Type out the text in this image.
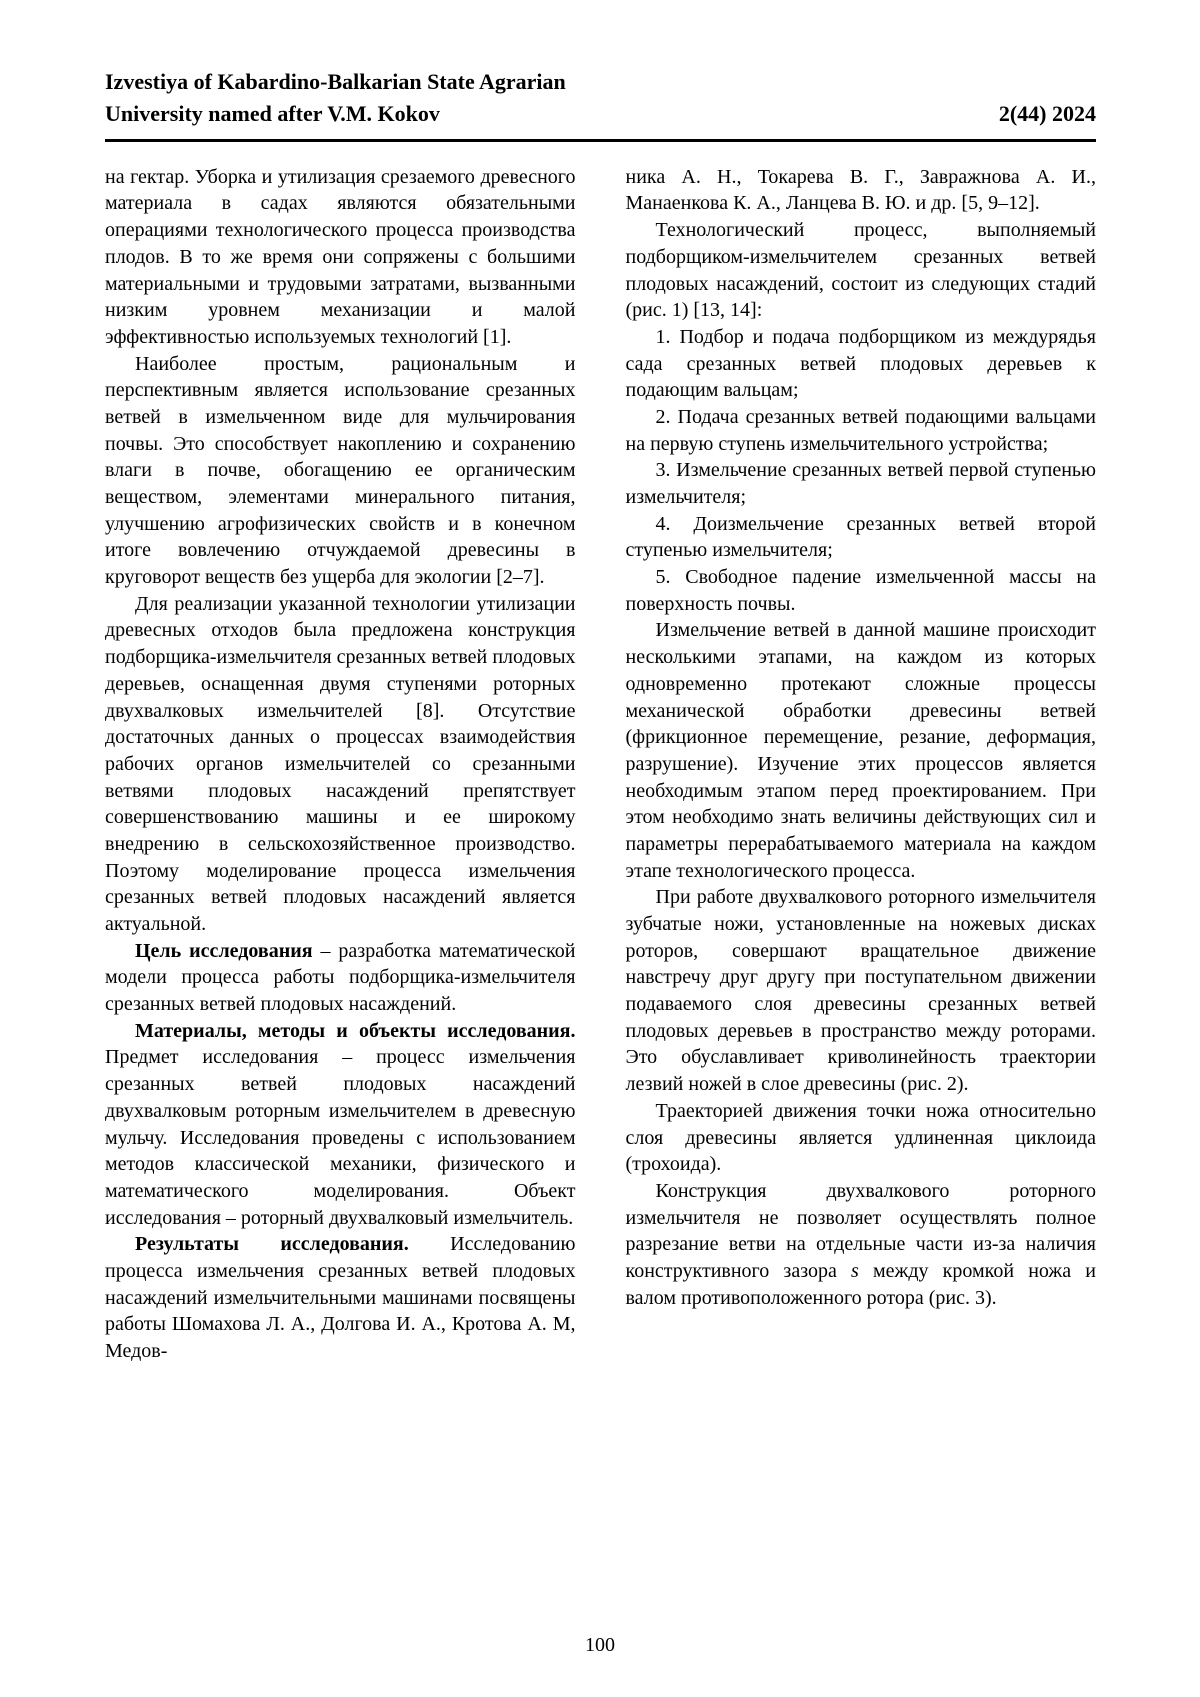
Izvestiya of Kabardino-Balkarian State Agrarian
University named after V.M. Kokov	2(44) 2024

на гектар. Уборка и утилизация срезаемого древесного материала в садах являются обязательными операциями технологического процесса производства плодов. В то же время они сопряжены с большими материальными и трудовыми затратами, вызванными низким уровнем механизации и малой эффективностью используемых технологий [1].

Наиболее простым, рациональным и перспективным является использование срезанных ветвей в измельченном виде для мульчирования почвы. Это способствует накоплению и сохранению влаги в почве, обогащению ее органическим веществом, элементами минерального питания, улучшению агрофизических свойств и в конечном итоге вовлечению отчуждаемой древесины в круговорот веществ без ущерба для экологии [2–7].

Для реализации указанной технологии утилизации древесных отходов была предложена конструкция подборщика-измельчителя срезанных ветвей плодовых деревьев, оснащенная двумя ступенями роторных двухвалковых измельчителей [8]. Отсутствие достаточных данных о процессах взаимодействия рабочих органов измельчителей со срезанными ветвями плодовых насаждений препятствует совершенствованию машины и ее широкому внедрению в сельскохозяйственное производство. Поэтому моделирование процесса измельчения срезанных ветвей плодовых насаждений является актуальной.

Цель исследования – разработка математической модели процесса работы подборщика-измельчителя срезанных ветвей плодовых насаждений.

Материалы, методы и объекты исследования. Предмет исследования – процесс измельчения срезанных ветвей плодовых насаждений двухвалковым роторным измельчителем в древесную мульчу. Исследования проведены с использованием методов классической механики, физического и математического моделирования. Объект исследования – роторный двухвалковый измельчитель.

Результаты исследования. Исследованию процесса измельчения срезанных ветвей плодовых насаждений измельчительными машинами посвящены работы Шомахова Л. А., Долгова И. А., Кротова А. М, Медов-

ника А. Н., Токарева В. Г., Завражнова А. И., Манаенкова К. А., Ланцева В. Ю. и др. [5, 9–12].

Технологический процесс, выполняемый подборщиком-измельчителем срезанных ветвей плодовых насаждений, состоит из следующих стадий (рис. 1) [13, 14]:

1. Подбор и подача подборщиком из междурядья сада срезанных ветвей плодовых деревьев к подающим вальцам;

2. Подача срезанных ветвей подающими вальцами на первую ступень измельчительного устройства;

3. Измельчение срезанных ветвей первой ступенью измельчителя;

4. Доизмельчение срезанных ветвей второй ступенью измельчителя;

5. Свободное падение измельченной массы на поверхность почвы.

Измельчение ветвей в данной машине происходит несколькими этапами, на каждом из которых одновременно протекают сложные процессы механической обработки древесины ветвей (фрикционное перемещение, резание, деформация, разрушение). Изучение этих процессов является необходимым этапом перед проектированием. При этом необходимо знать величины действующих сил и параметры перерабатываемого материала на каждом этапе технологического процесса.

При работе двухвалкового роторного измельчителя зубчатые ножи, установленные на ножевых дисках роторов, совершают вращательное движение навстречу друг другу при поступательном движении подаваемого слоя древесины срезанных ветвей плодовых деревьев в пространство между роторами. Это обуславливает криволинейность траектории лезвий ножей в слое древесины (рис. 2).

Траекторией движения точки ножа относительно слоя древесины является удлиненная циклоида (трохоида).

Конструкция двухвалкового роторного измельчителя не позволяет осуществлять полное разрезание ветви на отдельные части из-за наличия конструктивного зазора s между кромкой ножа и валом противоположенного ротора (рис. 3).

100
